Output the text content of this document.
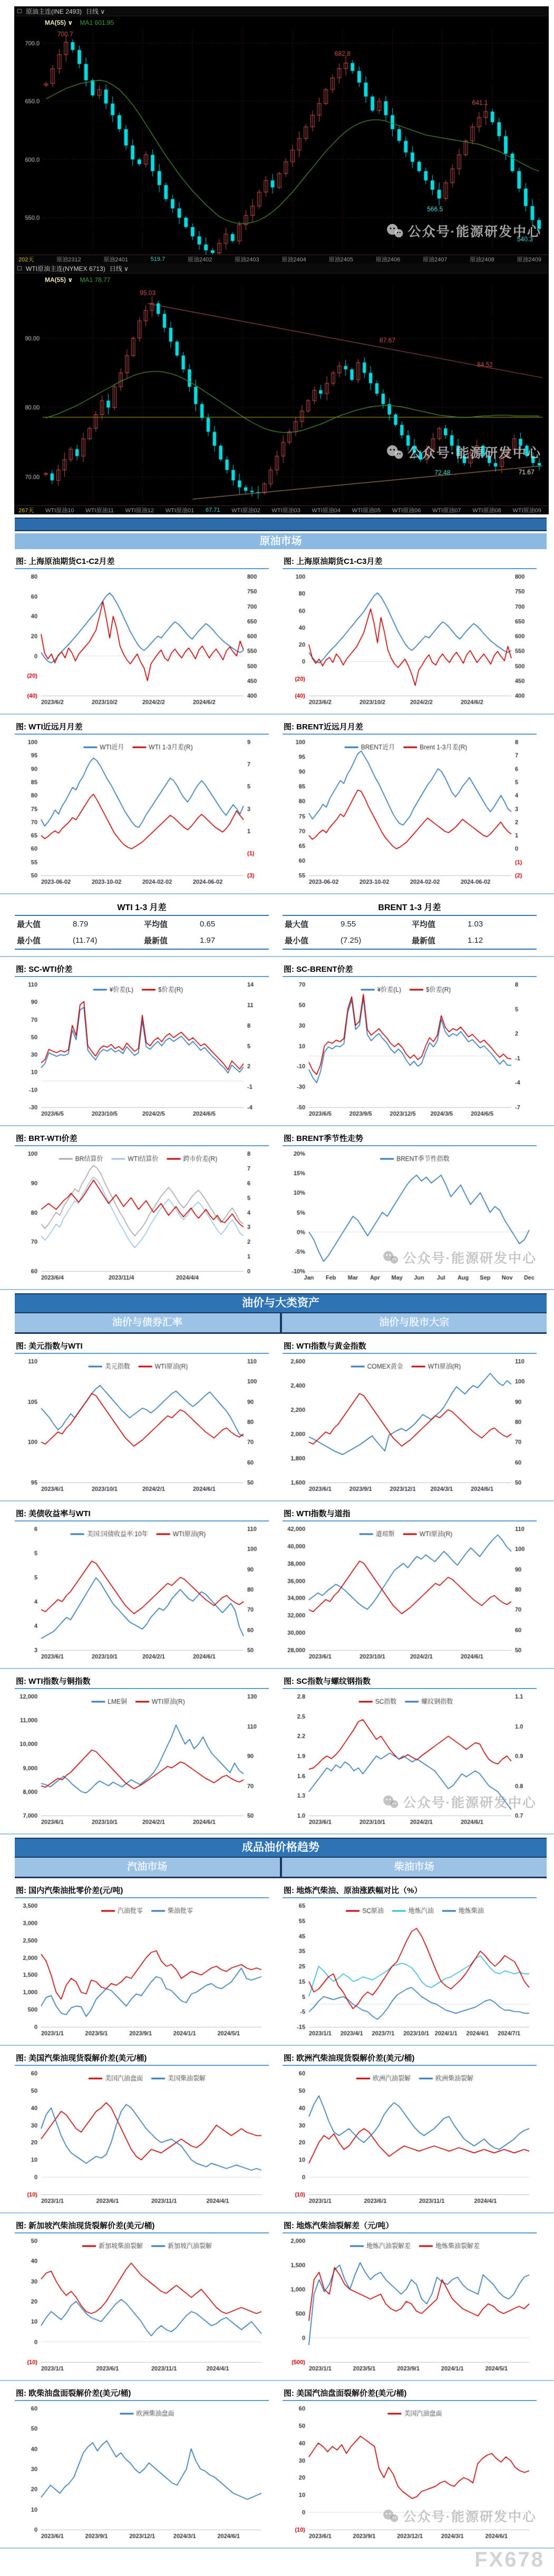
原油主连(INE 2493) 日线 ∨
MA(55) ∨ MA1 601.95
202天	原油2312	原油2401	519.7	原油2402	原油2403	原油2404	原油2405	原油2406	原油2407	原油2408	原油2409
公众号·能源研发中心
WTI原油主连(NYMEX 6713) 日线 ∨
MA(55) ∨ MA1 78.77
267天 WTI原油10 WTI原油11 WTI原油12 WTI原油01 67.71 WTI原油02 WTI原油03 WTI原油04 WTI原油05 WTI原油06 WTI原油07 WTI原油08 WTI原油09
公众号·能源研发中心
原油市场
图: 上海原油期货C1-C2月差	图: 上海原油期货C1-C3月差
图: WTI近远月月差	图: BRENT近远月月差
WTI 1-3 月差
最大值	8.79	平均值	0.65
最小值	(11.74)	最新值	1.97
BRENT 1-3 月差
最大值	9.55	平均值	1.03
最小值	(7.25)	最新值	1.12
图: SC-WTI价差	图: SC-BRENT价差
图: BRT-WTI价差	图: BRENT季节性走势
公众号·能源研发中心
油价与大类资产
油价与债券汇率	油价与股市大宗
图: 美元指数与WTI	图: WTI指数与黄金指数
图: 美债收益率与WTI	图: WTI指数与道指
图: WTI指数与铜指数	图: SC指数与螺纹钢指数
公众号·能源研发中心
成品油价格趋势
汽油市场	柴油市场
图: 国内汽柴油批零价差(元/吨)	图: 地炼汽柴油、原油涨跌幅对比（%）
图: 美国汽柴油现货裂解价差(美元/桶)	图: 欧洲汽柴油现货裂解价差(美元/桶)
图: 新加坡汽柴油现货裂解价差(美元/桶)	图: 地炼汽柴油裂解差（元/吨）
图: 欧柴油盘面裂解价差(美元/桶)	图: 美国汽油盘面裂解价差(美元/桶)
公众号·能源研发中心
FX678
